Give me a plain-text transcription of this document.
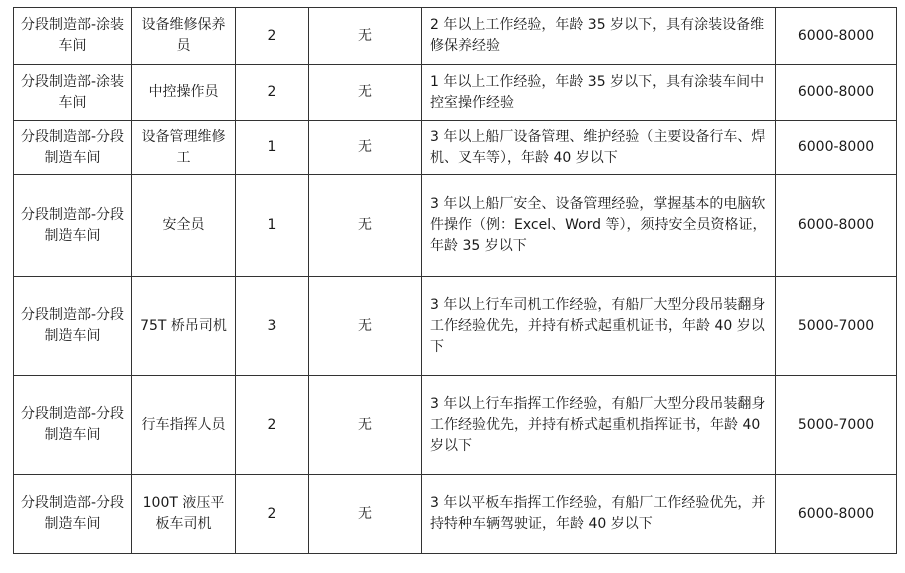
分段制造部-涂装车间	设备维修保养员	2	无	2 年以上工作经验，年龄 35 岁以下，具有涂装设备维修保养经验	6000-8000
分段制造部-涂装车间	中控操作员	2	无	1 年以上工作经验，年龄 35 岁以下，具有涂装车间中控室操作经验	6000-8000
分段制造部-分段制造车间	设备管理维修工	1	无	3 年以上船厂设备管理、维护经验（主要设备行车、焊机、叉车等），年龄 40 岁以下	6000-8000
分段制造部-分段制造车间	安全员	1	无	3 年以上船厂安全、设备管理经验，掌握基本的电脑软件操作（例：Excel、Word 等），须持安全员资格证，年龄 35 岁以下	6000-8000
分段制造部-分段制造车间	75T 桥吊司机	3	无	3 年以上行车司机工作经验，有船厂大型分段吊装翻身工作经验优先，并持有桥式起重机证书，年龄 40 岁以下	5000-7000
分段制造部-分段制造车间	行车指挥人员	2	无	3 年以上行车指挥工作经验，有船厂大型分段吊装翻身工作经验优先，并持有桥式起重机指挥证书，年龄 40 岁以下	5000-7000
分段制造部-分段制造车间	100T 液压平板车司机	2	无	3 年以平板车指挥工作经验，有船厂工作经验优先，并持特种车辆驾驶证，年龄 40 岁以下	6000-8000
